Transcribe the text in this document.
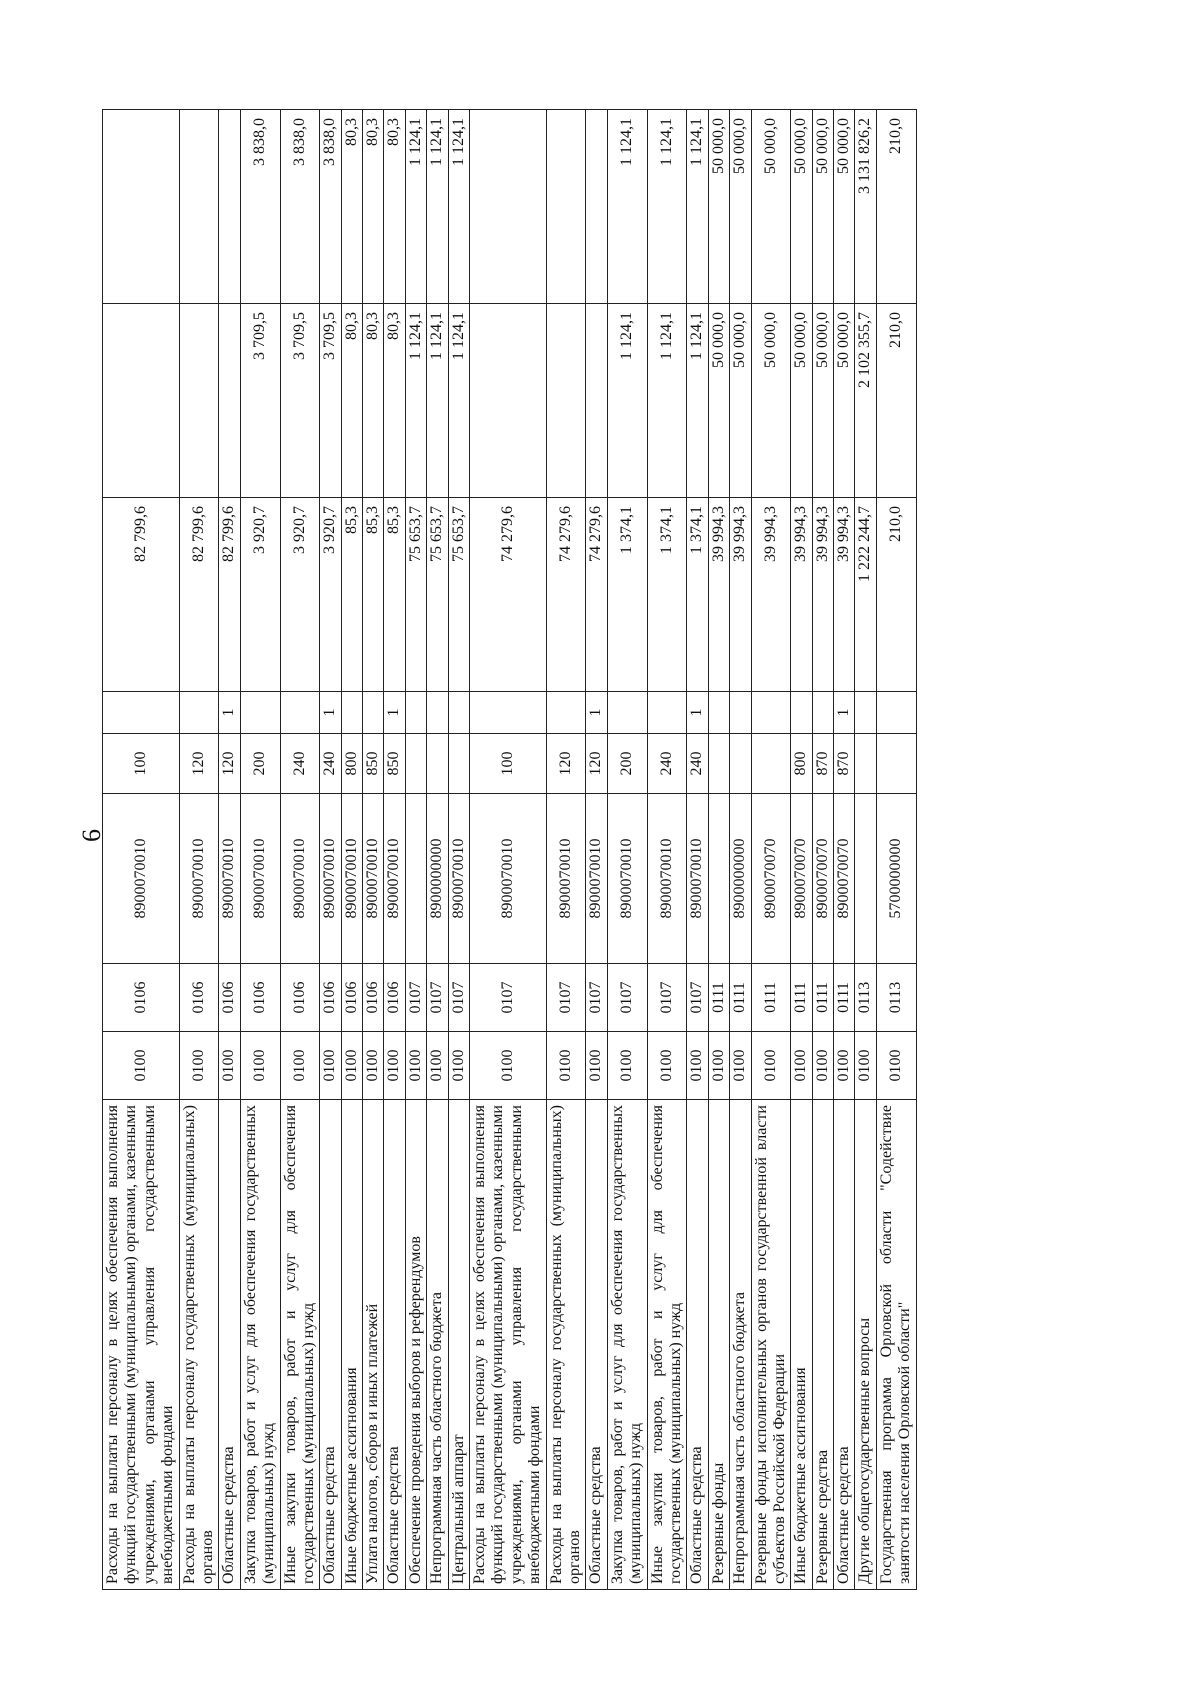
6
Расходы на выплаты персоналу в целях обеспечения выполнения функций государственными (муниципальными) органами, казенными учреждениями, органами управления государственными внебюджетными фондами	0100	0106	8900070010	100		82 799,6		
Расходы на выплаты персоналу государственных (муниципальных) органов	0100	0106	8900070010	120		82 799,6		
Областные средства	0100	0106	8900070010	120	1	82 799,6		
Закупка товаров, работ и услуг для обеспечения государственных (муниципальных) нужд	0100	0106	8900070010	200		3 920,7	3 709,5	3 838,0
Иные закупки товаров, работ и услуг для обеспечения государственных (муниципальных) нужд	0100	0106	8900070010	240		3 920,7	3 709,5	3 838,0
Областные средства	0100	0106	8900070010	240	1	3 920,7	3 709,5	3 838,0
Иные бюджетные ассигнования	0100	0106	8900070010	800		85,3	80,3	80,3
Уплата налогов, сборов и иных платежей	0100	0106	8900070010	850		85,3	80,3	80,3
Областные средства	0100	0106	8900070010	850	1	85,3	80,3	80,3
Обеспечение проведения выборов и референдумов	0100	0107				75 653,7	1 124,1	1 124,1
Непрограммная часть областного бюджета	0100	0107	8900000000			75 653,7	1 124,1	1 124,1
Центральный аппарат	0100	0107	8900070010			75 653,7	1 124,1	1 124,1
Расходы на выплаты персоналу в целях обеспечения выполнения функций государственными (муниципальными) органами, казенными учреждениями, органами управления государственными внебюджетными фондами	0100	0107	8900070010	100		74 279,6		
Расходы на выплаты персоналу государственных (муниципальных) органов	0100	0107	8900070010	120		74 279,6		
Областные средства	0100	0107	8900070010	120	1	74 279,6		
Закупка товаров, работ и услуг для обеспечения государственных (муниципальных) нужд	0100	0107	8900070010	200		1 374,1	1 124,1	1 124,1
Иные закупки товаров, работ и услуг для обеспечения государственных (муниципальных) нужд	0100	0107	8900070010	240		1 374,1	1 124,1	1 124,1
Областные средства	0100	0107	8900070010	240	1	1 374,1	1 124,1	1 124,1
Резервные фонды	0100	0111				39 994,3	50 000,0	50 000,0
Непрограммная часть областного бюджета	0100	0111	8900000000			39 994,3	50 000,0	50 000,0
Резервные фонды исполнительных органов государственной власти субъектов Российской Федерации	0100	0111	8900070070			39 994,3	50 000,0	50 000,0
Иные бюджетные ассигнования	0100	0111	8900070070	800		39 994,3	50 000,0	50 000,0
Резервные средства	0100	0111	8900070070	870		39 994,3	50 000,0	50 000,0
Областные средства	0100	0111	8900070070	870	1	39 994,3	50 000,0	50 000,0
Другие общегосударственные вопросы	0100	0113				1 222 244,7	2 102 355,7	3 131 826,2
Государственная программа Орловской области "Содействие занятости населения Орловской области"	0100	0113	5700000000			210,0	210,0	210,0
